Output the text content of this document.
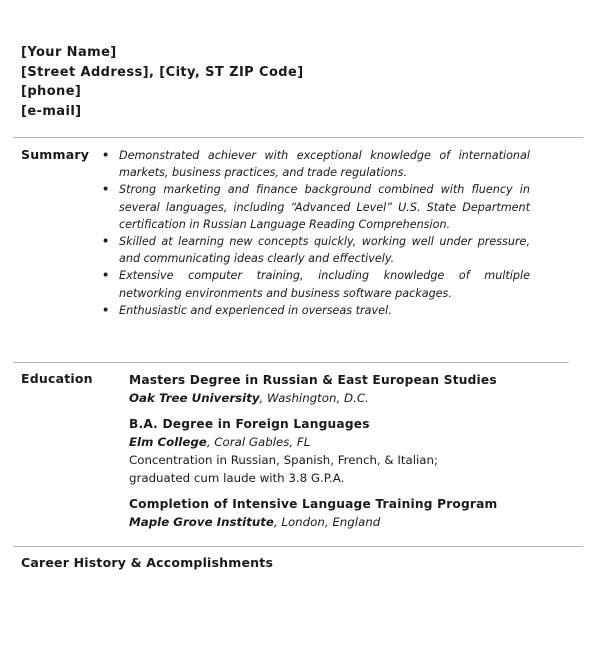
[Your Name]
[Street Address], [City, ST ZIP Code]
[phone]
[e-mail]
Summary • Demonstrated achiever with exceptional knowledge of international markets, business practices, and trade regulations.
• Strong marketing and finance background combined with fluency in several languages, including “Advanced Level” U.S. State Department certification in Russian Language Reading Comprehension.
• Skilled at learning new concepts quickly, working well under pressure, and communicating ideas clearly and effectively.
• Extensive computer training, including knowledge of multiple networking environments and business software packages.
• Enthusiastic and experienced in overseas travel.
Education	Masters Degree in Russian & East European Studies
Oak Tree University, Washington, D.C.
B.A. Degree in Foreign Languages
Elm College, Coral Gables, FL
Concentration in Russian, Spanish, French, & Italian;
graduated cum laude with 3.8 G.P.A.
Completion of Intensive Language Training Program
Maple Grove Institute, London, England
Career History & Accomplishments
